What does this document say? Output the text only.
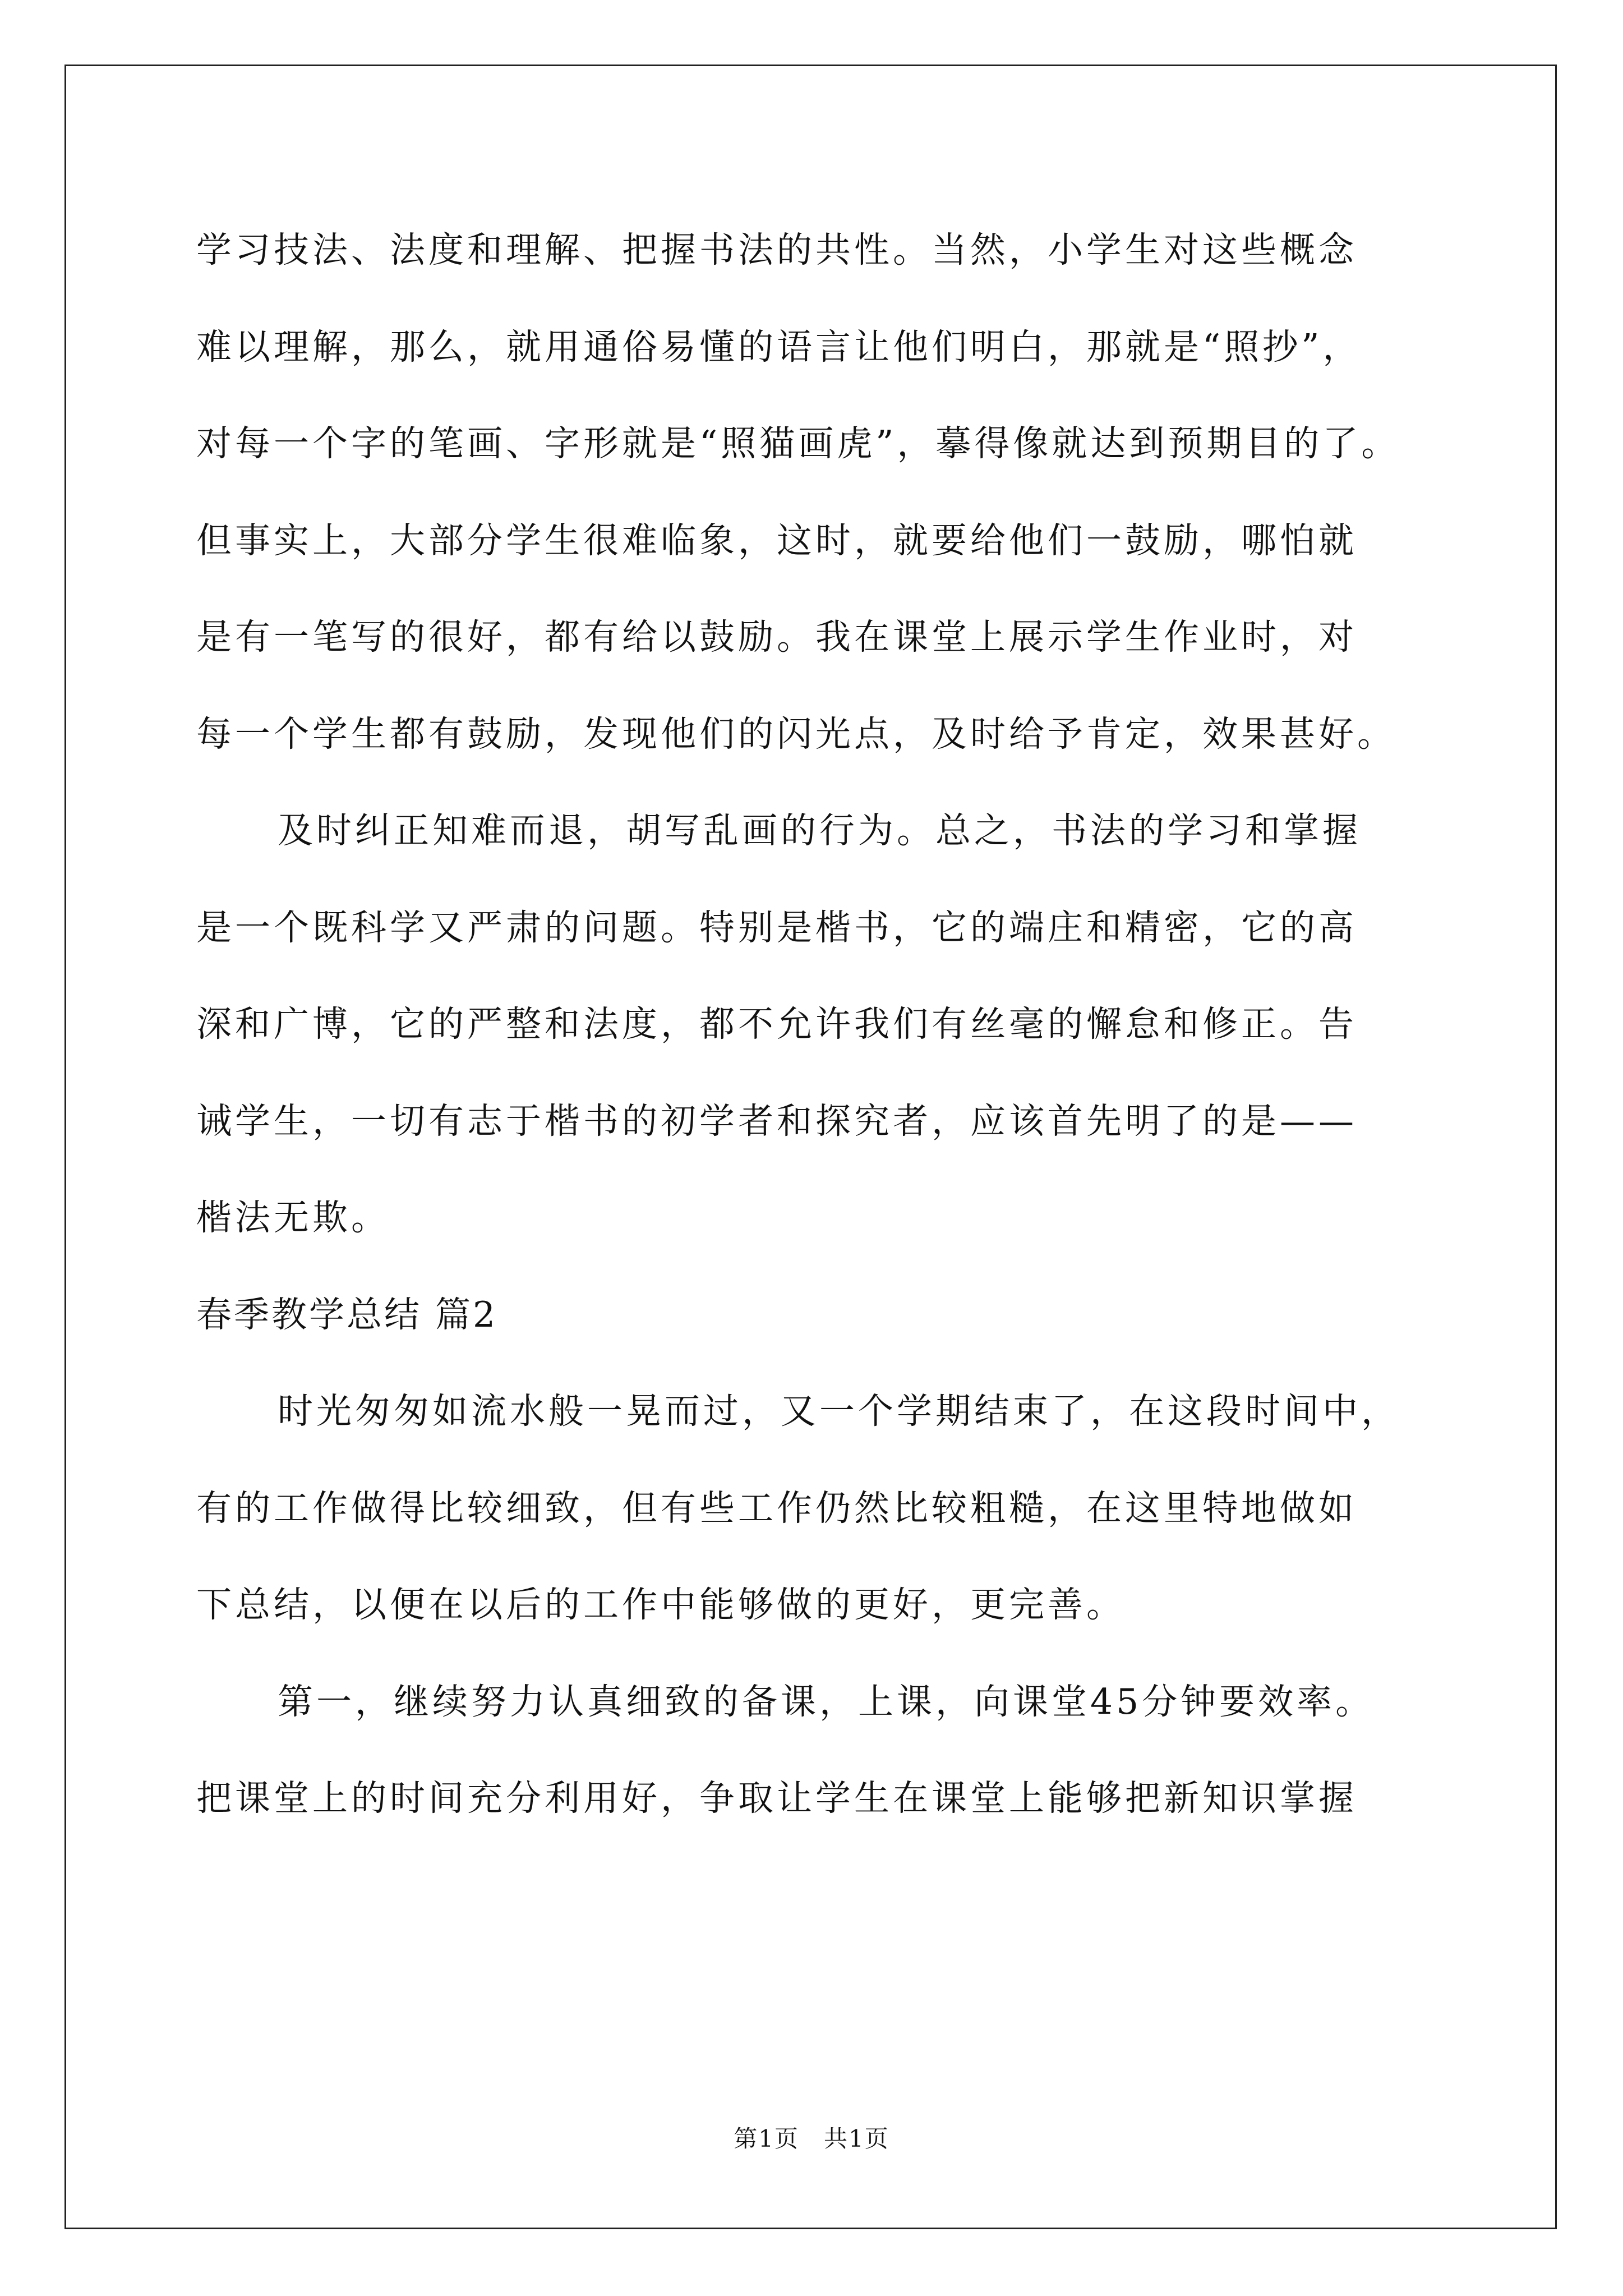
学习技法、法度和理解、把握书法的共性。当然，小学生对这些概念
难以理解，那么，就用通俗易懂的语言让他们明白，那就是“照抄”，
对每一个字的笔画、字形就是“照猫画虎”，摹得像就达到预期目的了。
但事实上，大部分学生很难临象，这时，就要给他们一鼓励，哪怕就
是有一笔写的很好，都有给以鼓励。我在课堂上展示学生作业时，对
每一个学生都有鼓励，发现他们的闪光点，及时给予肯定，效果甚好。
及时纠正知难而退，胡写乱画的行为。总之，书法的学习和掌握
是一个既科学又严肃的问题。特别是楷书，它的端庄和精密，它的高
深和广博，它的严整和法度，都不允许我们有丝毫的懈怠和修正。告
诫学生，一切有志于楷书的初学者和探究者，应该首先明了的是——
楷法无欺。
春季教学总结 篇2
时光匆匆如流水般一晃而过，又一个学期结束了，在这段时间中，
有的工作做得比较细致，但有些工作仍然比较粗糙，在这里特地做如
下总结，以便在以后的工作中能够做的更好，更完善。
第一，继续努力认真细致的备课，上课，向课堂45分钟要效率。
把课堂上的时间充分利用好，争取让学生在课堂上能够把新知识掌握
第1页　共1页
